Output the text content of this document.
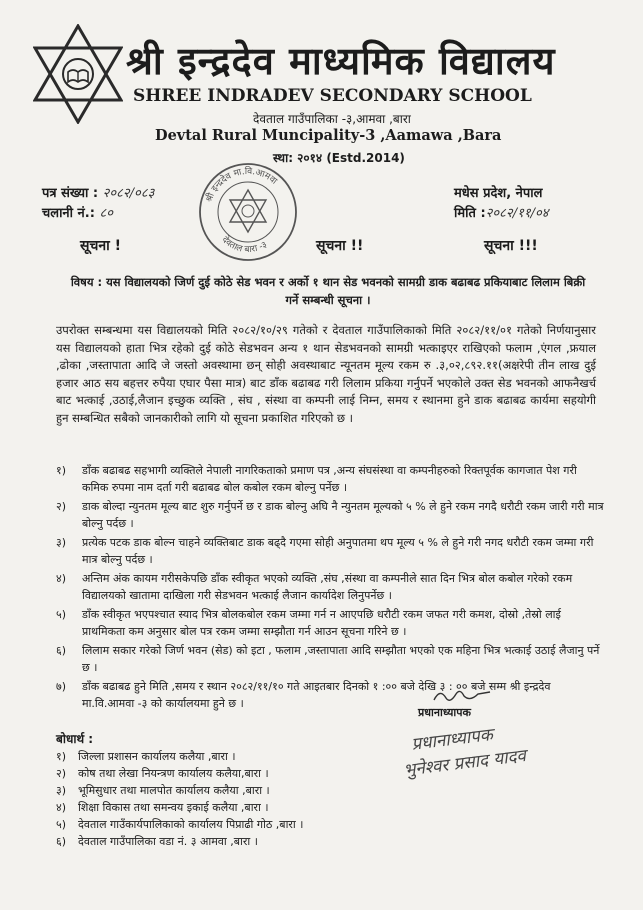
श्री इन्द्रदेव माध्यमिक विद्यालय
SHREE INDRADEV SECONDARY SCHOOL
देवताल गाउँपालिका -३,आमवा ,बारा
Devtal Rural Muncipality-3 ,Aamawa ,Bara
स्था: २०१४ (Estd.2014)
पत्र संख्या : २०८२/०८३
चलानी नं.: ८०
मधेस प्रदेश, नेपाल
मिति :२०८२/११/०४
श्री इन्द्रदेव मा.वि.आमवा
देवताल बारा -३
सूचना !	सूचना !!	सूचना !!!
विषय : यस विद्यालयको जिर्ण दुई कोठे सेड भवन र अर्को १ थान सेड भवनको सामग्री डाक बढाबढ प्रकियाबाट लिलाम बिक्री गर्ने सम्बन्धी सूचना ।
उपरोक्त सम्बन्धमा यस विद्यालयको मिति २०८२/१०/२९ गतेको र देवताल गाउँपालिकाको मिति २०८२/११/०१ गतेको निर्णयानुसार यस विद्यालयको हाता भित्र रहेको दुई कोठे सेडभवन अन्य १ थान सेडभवनको सामग्री भत्काइएर राखिएको फलाम ,एंगल ,फ्रयाल ,ढोका ,जस्तापाता आदि जे जस्तो अवस्थामा छन् सोही अवस्थाबाट न्यूनतम मूल्य रकम रु .३,०२,८९२.११(अक्षरेपी तीन लाख दुई हजार आठ सय बहत्तर रुपैया एघार पैसा मात्र) बाट डाँक बढाबढ गरी लिलाम प्रकिया गर्नुपर्ने भएकोले उक्त सेड भवनको आफनैखर्च बाट भत्काई ,उठाई,लैजान इच्छुक व्यक्ति , संघ , संस्था वा कम्पनी लाई निम्न, समय र स्थानमा हुने डाक बढाबढ कार्यमा सहयोगी हुन सम्बन्धित सबैको जानकारीको लागि यो सूचना प्रकाशित गरिएको छ ।
१)	डाँक बढाबढ सहभागी व्यक्तिले नेपाली नागरिकताको प्रमाण पत्र ,अन्य संघसंस्था वा कम्पनीहरुको रिक्तपूर्वक कागजात पेश गरी कमिक रुपमा नाम दर्ता गरी बढाबढ बोल कबोल रकम बोल्नु पर्नेछ ।
२)	डाक बोल्दा न्युनतम मूल्य बाट शुरु गर्नुपर्ने छ र डाक बोल्नु अघि नै न्युनतम मूल्यको ५ % ले हुने रकम नगदै धरौटी रकम जारी गरी मात्र बोल्नु पर्दछ ।
३)	प्रत्येक पटक डाक बोल्न चाहने व्यक्तिबाट डाक बढ्दै गएमा सोही अनुपातमा थप मूल्य ५ % ले हुने गरी नगद धरौटी रकम जम्मा गरी मात्र बोल्नु पर्दछ ।
४)	अन्तिम अंक कायम गरीसकेपछि डाँक स्वीकृत भएको व्यक्ति ,संघ ,संस्था वा कम्पनीले सात दिन भित्र बोल कबोल गरेको रकम विद्यालयको खातामा दाखिला गरी सेडभवन भत्काई लैजान कार्यादेश लिनुपर्नेछ ।
५)	डाँक स्वीकृत भएपश्चात स्याद भित्र बोलकबोल रकम जम्मा गर्न न आएपछि धरौटी रकम जफत गरी कमश, दोस्रो ,तेस्रो लाई प्राथमिकता कम अनुसार बोल पत्र रकम जम्मा सम्झौता गर्न आउन सूचना गरिने छ ।
६)	लिलाम सकार गरेको जिर्ण भवन (सेड) को इटा , फलाम ,जस्तापाता आदि सम्झौता भएको एक महिना भित्र भत्काई उठाई लैजानु पर्ने छ ।
७)	डाँक बढाबढ हुने मिति ,समय र स्थान २०८२/११/१० गते आइतबार दिनको १ :०० बजे देखि ३ : ०० बजे सम्म श्री इन्द्रदेव मा.वि.आमवा -३ को कार्यालयमा हुने छ ।
प्रधानाध्यापक
प्रधानाध्यापक
भुनेश्वर प्रसाद यादव
बोधार्थ :
१)	जिल्ला प्रशासन कार्यालय कलैया ,बारा ।
२)	कोष तथा लेखा नियन्त्रण कार्यालय कलैया,बारा ।
३)	भूमिसुधार तथा मालपोत कार्यालय कलैया ,बारा ।
४)	शिक्षा विकास तथा समन्वय इकाई कलैया ,बारा ।
५)	देवताल गाउँकार्यपालिकाको कार्यालय पिप्राढी गोठ ,बारा ।
६)	देवताल गाउँपालिका वडा नं. ३ आमवा ,बारा ।
